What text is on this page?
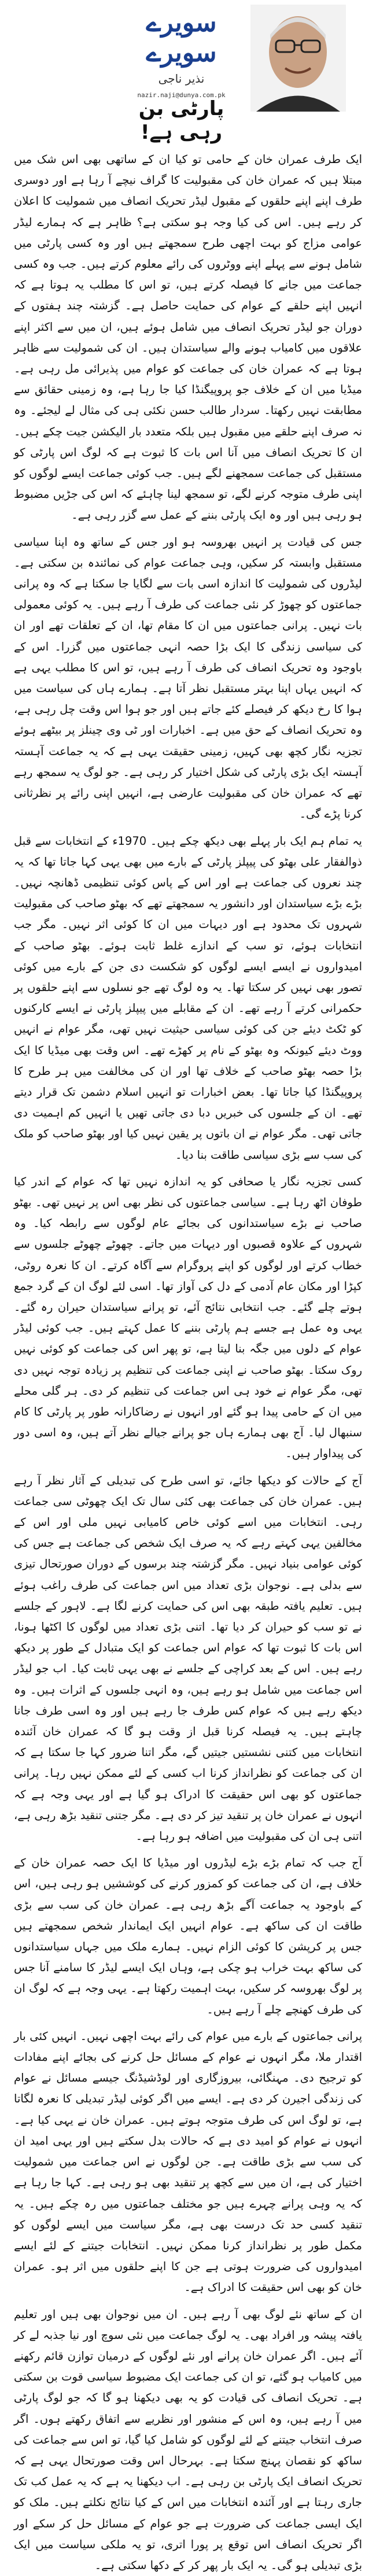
سویرے سویرے
نذیر ناجی
nazir.naji@dunya.com.pk
پارٹی بن رہی ہے!

ایک طرف عمران خان کے حامی تو کیا ان کے ساتھی بھی اس شک میں مبتلا ہیں کہ عمران خان کی مقبولیت کا گراف نیچے آ رہا ہے اور دوسری طرف اپنے اپنے حلقوں کے مقبول لیڈر تحریک انصاف میں شمولیت کا اعلان کر رہے ہیں۔ اس کی کیا وجہ ہو سکتی ہے؟ ظاہر ہے کہ ہمارے لیڈر عوامی مزاج کو بہت اچھی طرح سمجھتے ہیں اور وہ کسی پارٹی میں شامل ہونے سے پہلے اپنے ووٹروں کی رائے معلوم کرتے ہیں۔ جب وہ کسی جماعت میں جانے کا فیصلہ کرتے ہیں، تو اس کا مطلب یہ ہوتا ہے کہ انہیں اپنے حلقے کے عوام کی حمایت حاصل ہے۔ گزشتہ چند ہفتوں کے دوران جو لیڈر تحریک انصاف میں شامل ہوئے ہیں، ان میں سے اکثر اپنے علاقوں میں کامیاب ہونے والے سیاستدان ہیں۔ ان کی شمولیت سے ظاہر ہوتا ہے کہ عمران خان کی جماعت کو عوام میں پذیرائی مل رہی ہے۔ میڈیا میں ان کے خلاف جو پروپیگنڈا کیا جا رہا ہے، وہ زمینی حقائق سے مطابقت نہیں رکھتا۔ سردار طالب حسن نکئی ہی کی مثال لے لیجئے۔ وہ نہ صرف اپنے حلقے میں مقبول ہیں بلکہ متعدد بار الیکشن جیت چکے ہیں۔ ان کا تحریک انصاف میں آنا اس بات کا ثبوت ہے کہ لوگ اس پارٹی کو مستقبل کی جماعت سمجھنے لگے ہیں۔ جب کوئی جماعت ایسے لوگوں کو اپنی طرف متوجہ کرنے لگے، تو سمجھ لینا چاہئے کہ اس کی جڑیں مضبوط ہو رہی ہیں اور وہ ایک پارٹی بننے کے عمل سے گزر رہی ہے۔

جس کی قیادت پر انہیں بھروسہ ہو اور جس کے ساتھ وہ اپنا سیاسی مستقبل وابستہ کر سکیں، وہی جماعت عوام کی نمائندہ بن سکتی ہے۔ لیڈروں کی شمولیت کا اندازہ اسی بات سے لگایا جا سکتا ہے کہ وہ پرانی جماعتوں کو چھوڑ کر نئی جماعت کی طرف آ رہے ہیں۔ یہ کوئی معمولی بات نہیں۔ پرانی جماعتوں میں ان کا مقام تھا، ان کے تعلقات تھے اور ان کی سیاسی زندگی کا ایک بڑا حصہ انہی جماعتوں میں گزرا۔ اس کے باوجود وہ تحریک انصاف کی طرف آ رہے ہیں، تو اس کا مطلب یہی ہے کہ انہیں یہاں اپنا بہتر مستقبل نظر آتا ہے۔ ہمارے ہاں کی سیاست میں ہوا کا رخ دیکھ کر فیصلے کئے جاتے ہیں اور جو ہوا اس وقت چل رہی ہے، وہ تحریک انصاف کے حق میں ہے۔ اخبارات اور ٹی وی چینلز پر بیٹھے ہوئے تجزیہ نگار کچھ بھی کہیں، زمینی حقیقت یہی ہے کہ یہ جماعت آہستہ آہستہ ایک بڑی پارٹی کی شکل اختیار کر رہی ہے۔ جو لوگ یہ سمجھ رہے تھے کہ عمران خان کی مقبولیت عارضی ہے، انہیں اپنی رائے پر نظرثانی کرنا پڑے گی۔

یہ تمام ہم ایک بار پہلے بھی دیکھ چکے ہیں۔ 1970ء کے انتخابات سے قبل ذوالفقار علی بھٹو کی پیپلز پارٹی کے بارے میں بھی یہی کہا جاتا تھا کہ یہ چند نعروں کی جماعت ہے اور اس کے پاس کوئی تنظیمی ڈھانچہ نہیں۔ بڑے بڑے سیاستدان اور دانشور یہ سمجھتے تھے کہ بھٹو صاحب کی مقبولیت شہروں تک محدود ہے اور دیہات میں ان کا کوئی اثر نہیں۔ مگر جب انتخابات ہوئے، تو سب کے اندازے غلط ثابت ہوئے۔ بھٹو صاحب کے امیدواروں نے ایسے ایسے لوگوں کو شکست دی جن کے بارے میں کوئی تصور بھی نہیں کر سکتا تھا۔ یہ وہ لوگ تھے جو نسلوں سے اپنے حلقوں پر حکمرانی کرتے آ رہے تھے۔ ان کے مقابلے میں پیپلز پارٹی نے ایسے کارکنوں کو ٹکٹ دیئے جن کی کوئی سیاسی حیثیت نہیں تھی، مگر عوام نے انہیں ووٹ دیئے کیونکہ وہ بھٹو کے نام پر کھڑے تھے۔ اس وقت بھی میڈیا کا ایک بڑا حصہ بھٹو صاحب کے خلاف تھا اور ان کی مخالفت میں ہر طرح کا پروپیگنڈا کیا جاتا تھا۔ بعض اخبارات تو انہیں اسلام دشمن تک قرار دیتے تھے۔ ان کے جلسوں کی خبریں دبا دی جاتی تھیں یا انہیں کم اہمیت دی جاتی تھی۔ مگر عوام نے ان باتوں پر یقین نہیں کیا اور بھٹو صاحب کو ملک کی سب سے بڑی سیاسی طاقت بنا دیا۔

کسی تجزیہ نگار یا صحافی کو یہ اندازہ نہیں تھا کہ عوام کے اندر کیا طوفان اٹھ رہا ہے۔ سیاسی جماعتوں کی نظر بھی اس پر نہیں تھی۔ بھٹو صاحب نے بڑے سیاستدانوں کی بجائے عام لوگوں سے رابطہ کیا۔ وہ شہروں کے علاوہ قصبوں اور دیہات میں جاتے۔ چھوٹے چھوٹے جلسوں سے خطاب کرتے اور لوگوں کو اپنے پروگرام سے آگاہ کرتے۔ ان کا نعرہ روٹی، کپڑا اور مکان عام آدمی کے دل کی آواز تھا۔ اسی لئے لوگ ان کے گرد جمع ہوتے چلے گئے۔ جب انتخابی نتائج آئے، تو پرانے سیاستدان حیران رہ گئے۔ یہی وہ عمل ہے جسے ہم پارٹی بننے کا عمل کہتے ہیں۔ جب کوئی لیڈر عوام کے دلوں میں جگہ بنا لیتا ہے، تو پھر اس کی جماعت کو کوئی نہیں روک سکتا۔ بھٹو صاحب نے اپنی جماعت کی تنظیم پر زیادہ توجہ نہیں دی تھی، مگر عوام نے خود ہی اس جماعت کی تنظیم کر دی۔ ہر گلی محلے میں ان کے حامی پیدا ہو گئے اور انہوں نے رضاکارانہ طور پر پارٹی کا کام سنبھال لیا۔ آج بھی ہمارے ہاں جو پرانے جیالے نظر آتے ہیں، وہ اسی دور کی پیداوار ہیں۔

آج کے حالات کو دیکھا جائے، تو اسی طرح کی تبدیلی کے آثار نظر آ رہے ہیں۔ عمران خان کی جماعت بھی کئی سال تک ایک چھوٹی سی جماعت رہی۔ انتخابات میں اسے کوئی خاص کامیابی نہیں ملی اور اس کے مخالفین یہی کہتے رہے کہ یہ صرف ایک شخص کی جماعت ہے جس کی کوئی عوامی بنیاد نہیں۔ مگر گزشتہ چند برسوں کے دوران صورتحال تیزی سے بدلی ہے۔ نوجوان بڑی تعداد میں اس جماعت کی طرف راغب ہوئے ہیں۔ تعلیم یافتہ طبقہ بھی اس کی حمایت کرنے لگا ہے۔ لاہور کے جلسے نے تو سب کو حیران کر دیا تھا۔ اتنی بڑی تعداد میں لوگوں کا اکٹھا ہونا، اس بات کا ثبوت تھا کہ عوام اس جماعت کو ایک متبادل کے طور پر دیکھ رہے ہیں۔ اس کے بعد کراچی کے جلسے نے بھی یہی ثابت کیا۔ اب جو لیڈر اس جماعت میں شامل ہو رہے ہیں، وہ انہی جلسوں کے اثرات ہیں۔ وہ دیکھ رہے ہیں کہ عوام کس طرف جا رہے ہیں اور وہ اسی طرف جانا چاہتے ہیں۔ یہ فیصلہ کرنا قبل از وقت ہو گا کہ عمران خان آئندہ انتخابات میں کتنی نشستیں جیتیں گے، مگر اتنا ضرور کہا جا سکتا ہے کہ ان کی جماعت کو نظرانداز کرنا اب کسی کے لئے ممکن نہیں رہا۔ پرانی جماعتوں کو بھی اس حقیقت کا ادراک ہو گیا ہے اور یہی وجہ ہے کہ انہوں نے عمران خان پر تنقید تیز کر دی ہے۔ مگر جتنی تنقید بڑھ رہی ہے، اتنی ہی ان کی مقبولیت میں اضافہ ہو رہا ہے۔

آج جب کہ تمام بڑے بڑے لیڈروں اور میڈیا کا ایک حصہ عمران خان کے خلاف ہے، ان کی جماعت کو کمزور کرنے کی کوششیں ہو رہی ہیں، اس کے باوجود یہ جماعت آگے بڑھ رہی ہے۔ عمران خان کی سب سے بڑی طاقت ان کی ساکھ ہے۔ عوام انہیں ایک ایماندار شخص سمجھتے ہیں جس پر کرپشن کا کوئی الزام نہیں۔ ہمارے ملک میں جہاں سیاستدانوں کی ساکھ بہت خراب ہو چکی ہے، وہاں ایک ایسے لیڈر کا سامنے آنا جس پر لوگ بھروسہ کر سکیں، بہت اہمیت رکھتا ہے۔ یہی وجہ ہے کہ لوگ ان کی طرف کھنچے چلے آ رہے ہیں۔

پرانی جماعتوں کے بارے میں عوام کی رائے بہت اچھی نہیں۔ انہیں کئی بار اقتدار ملا، مگر انہوں نے عوام کے مسائل حل کرنے کی بجائے اپنے مفادات کو ترجیح دی۔ مہنگائی، بیروزگاری اور لوڈشیڈنگ جیسے مسائل نے عوام کی زندگی اجیرن کر دی ہے۔ ایسے میں اگر کوئی لیڈر تبدیلی کا نعرہ لگاتا ہے، تو لوگ اس کی طرف متوجہ ہوتے ہیں۔ عمران خان نے یہی کیا ہے۔ انہوں نے عوام کو امید دی ہے کہ حالات بدل سکتے ہیں اور یہی امید ان کی سب سے بڑی طاقت ہے۔ جن لوگوں نے اس جماعت میں شمولیت اختیار کی ہے، ان میں سے کچھ پر تنقید بھی ہو رہی ہے۔ کہا جا رہا ہے کہ یہ وہی پرانے چہرے ہیں جو مختلف جماعتوں میں رہ چکے ہیں۔ یہ تنقید کسی حد تک درست بھی ہے، مگر سیاست میں ایسے لوگوں کو مکمل طور پر نظرانداز کرنا ممکن نہیں۔ انتخابات جیتنے کے لئے ایسے امیدواروں کی ضرورت ہوتی ہے جن کا اپنے حلقوں میں اثر ہو۔ عمران خان کو بھی اس حقیقت کا ادراک ہے۔

ان کے ساتھ نئے لوگ بھی آ رہے ہیں۔ ان میں نوجوان بھی ہیں اور تعلیم یافتہ پیشہ ور افراد بھی۔ یہ لوگ جماعت میں نئی سوچ اور نیا جذبہ لے کر آئے ہیں۔ اگر عمران خان پرانے اور نئے لوگوں کے درمیان توازن قائم رکھنے میں کامیاب ہو گئے، تو ان کی جماعت ایک مضبوط سیاسی قوت بن سکتی ہے۔ تحریک انصاف کی قیادت کو یہ بھی دیکھنا ہو گا کہ جو لوگ پارٹی میں آ رہے ہیں، وہ اس کے منشور اور نظریے سے اتفاق رکھتے ہوں۔ اگر صرف انتخاب جیتنے کے لئے لوگوں کو شامل کیا گیا، تو اس سے جماعت کی ساکھ کو نقصان پہنچ سکتا ہے۔ بہرحال اس وقت صورتحال یہی ہے کہ تحریک انصاف ایک پارٹی بن رہی ہے۔ اب دیکھنا یہ ہے کہ یہ عمل کب تک جاری رہتا ہے اور آئندہ انتخابات میں اس کے کیا نتائج نکلتے ہیں۔ ملک کو ایک ایسی جماعت کی ضرورت ہے جو عوام کے مسائل حل کر سکے اور اگر تحریک انصاف اس توقع پر پورا اتری، تو یہ ملکی سیاست میں ایک بڑی تبدیلی ہو گی۔ یہ ایک بار پھر کر کے دکھا سکتی ہے۔
